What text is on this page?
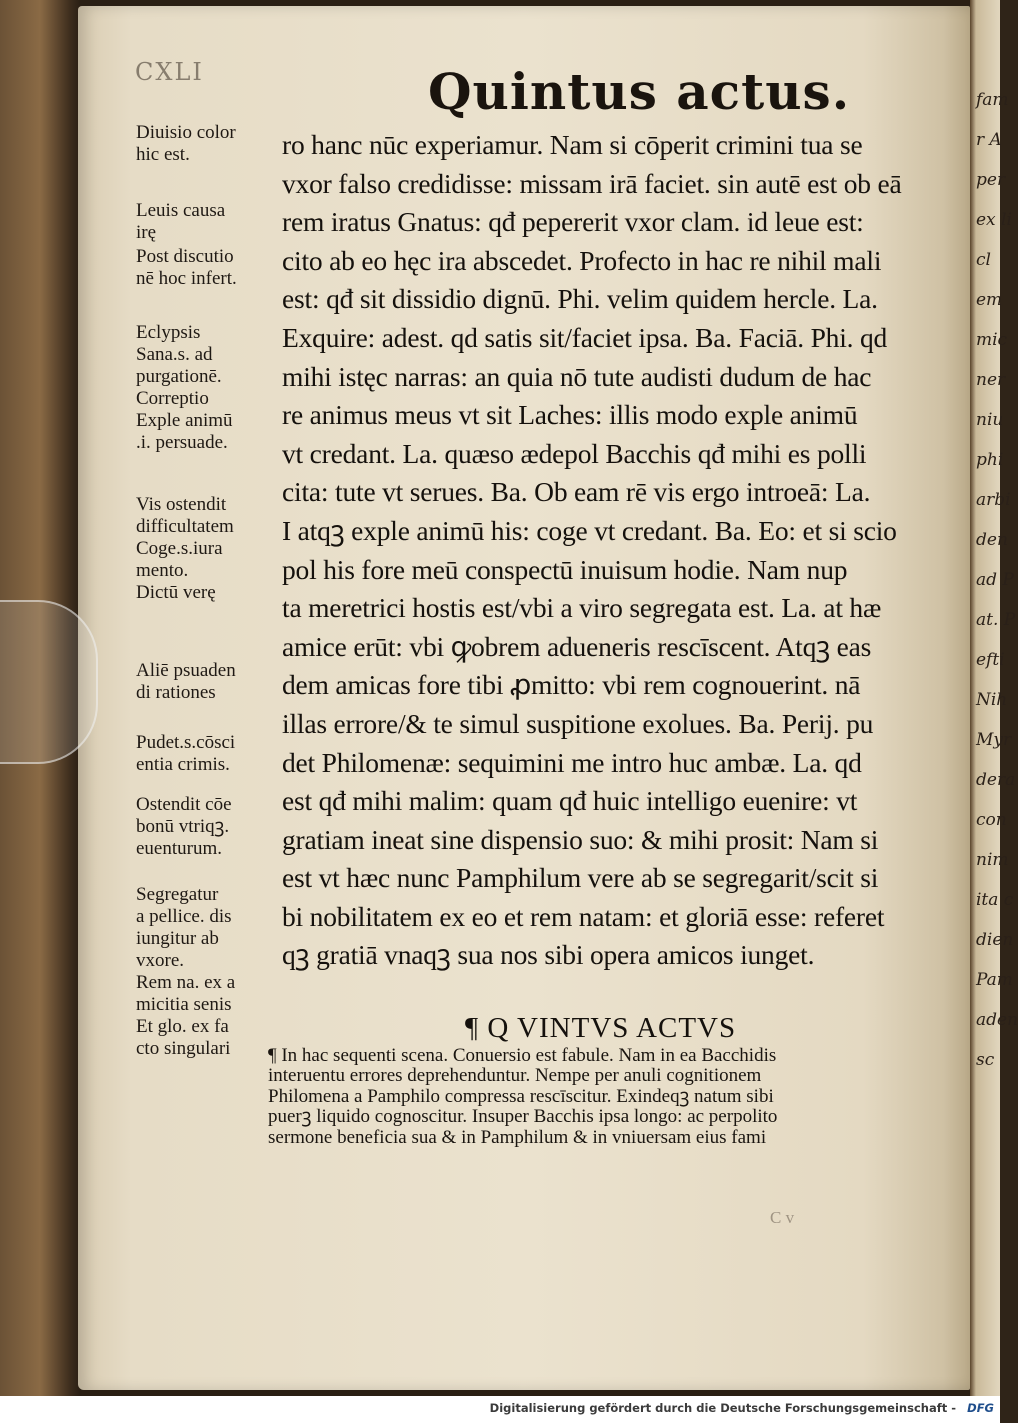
fam
r A
per
ex li
cl
em
mic
ner
niu
phi
arbi
den
ad P
at. P
efti
Nih
Myr
dera
con
nim
ita c
dien
Pam
aden
sc
CXLI	Quintus actus.
Diuisio color
hic est.
Leuis causa
irę
Post discutio
nē hoc infert.
Eclypsis
Sana.s. ad
purgationē.
Correptio
Exple animū
.i. persuade.
Vis ostendit
difficultatem
Coge.s.iura
mento.
Dictū verę
Aliē psuaden
di rationes
Pudet.s.cōsci
entia crimis.
Ostendit cōe
bonū vtriqꝫ.
euenturum.
Segregatur
a pellice. dis
iungitur ab
vxore.
Rem na. ex a
micitia senis
Et glo. ex fa
cto singulari
ro hanc nūc experiamur. Nam si cōperit crimini tua se
vxor falso credidisse: missam irā faciet. sin autē est ob eā
rem iratus Gnatus: qđ pepererit vxor clam. id leue est:
cito ab eo hęc ira abscedet. Profecto in hac re nihil mali
est: qđ sit dissidio dignū. Phi. velim quidem hercle. La.
Exquire: adest. qd satis sit/faciet ipsa. Ba. Faciā. Phi. qd
mihi istęc narras: an quia nō tute audisti dudum de hac
re animus meus vt sit Laches: illis modo exple animū
vt credant. La. quæso ædepol Bacchis qđ mihi es polli
cita: tute vt serues. Ba. Ob eam rē vis ergo introeā: La.
I atqꝫ exple animū his: coge vt credant. Ba. Eo: et si scio
pol his fore meū conspectū inuisum hodie. Nam nup
ta meretrici hostis est/vbi a viro segregata est. La. at hæ
amice erūt: vbi ꝙobrem adueneris rescīscent. Atqꝫ eas
dem amicas fore tibi ꝓmitto: vbi rem cognouerint. nā
illas errore/& te simul suspitione exolues. Ba. Perij. pu
det Philomenæ: sequimini me intro huc ambæ. La. qd
est qđ mihi malim: quam qđ huic intelligo euenire: vt
gratiam ineat sine dispensio suo: & mihi prosit: Nam si
est vt hæc nunc Pamphilum vere ab se segregarit/scit si
bi nobilitatem ex eo et rem natam: et gloriā esse: referet
qꝫ gratiā vnaqꝫ sua nos sibi opera amicos iunget.
¶ Q VINTVS ACTVS
¶ In hac sequenti scena. Conuersio est fabule. Nam in ea Bacchidis
interuentu errores deprehenduntur. Nempe per anuli cognitionem
Philomena a Pamphilo compressa rescīscitur. Exindeqꝫ natum sibi
puerꝫ liquido cognoscitur. Insuper Bacchis ipsa longo: ac perpolito
sermone beneficia sua & in Pamphilum & in vniuersam eius fami
C v
Digitalisierung gefördert durch die Deutsche Forschungsgemeinschaft - DFG
